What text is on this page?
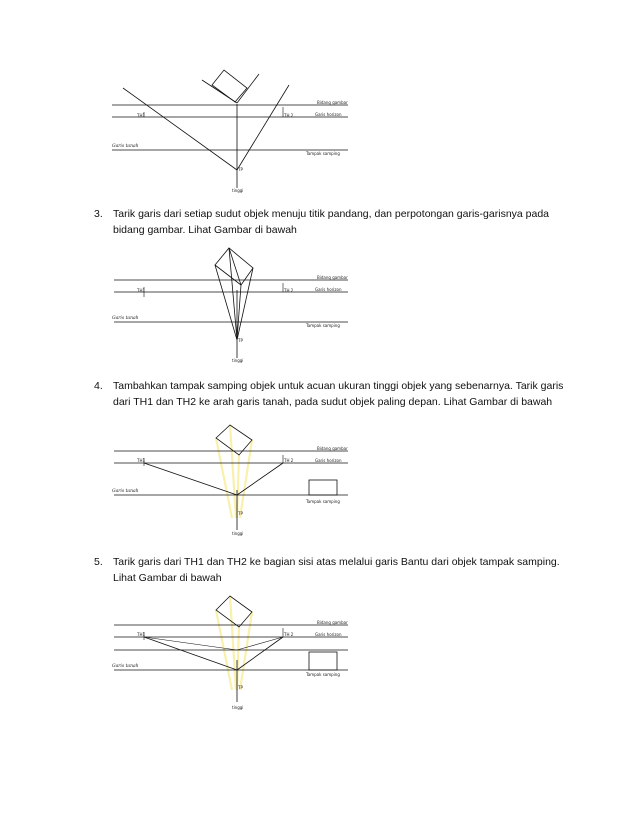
Bidang gambar
Garis horizon
Tampak samping
Garis tanah
TH1	TH 2
TP
tinggi
3. Tarik garis dari setiap sudut objek menuju titik pandang, dan perpotongan garis-garisnya pada bidang gambar. Lihat Gambar di bawah
Bidang gambar
Garis horizon
Tampak samping
Garis tanah
TH1	TH 2
TP
tinggi
4. Tambahkan tampak samping objek untuk acuan ukuran tinggi objek yang sebenarnya. Tarik garis dari TH1 dan TH2 ke arah garis tanah, pada sudut objek paling depan. Lihat Gambar di bawah
Bidang gambar
Garis horizon
Tampak samping
Garis tanah
TH1	TH 2
TP
tinggi
5. Tarik garis dari TH1 dan TH2 ke bagian sisi atas melalui garis Bantu dari objek tampak samping. Lihat Gambar di bawah
Bidang gambar
Garis horizon
Tampak samping
Garis tanah
TH1	TH 2
TP
tinggi
